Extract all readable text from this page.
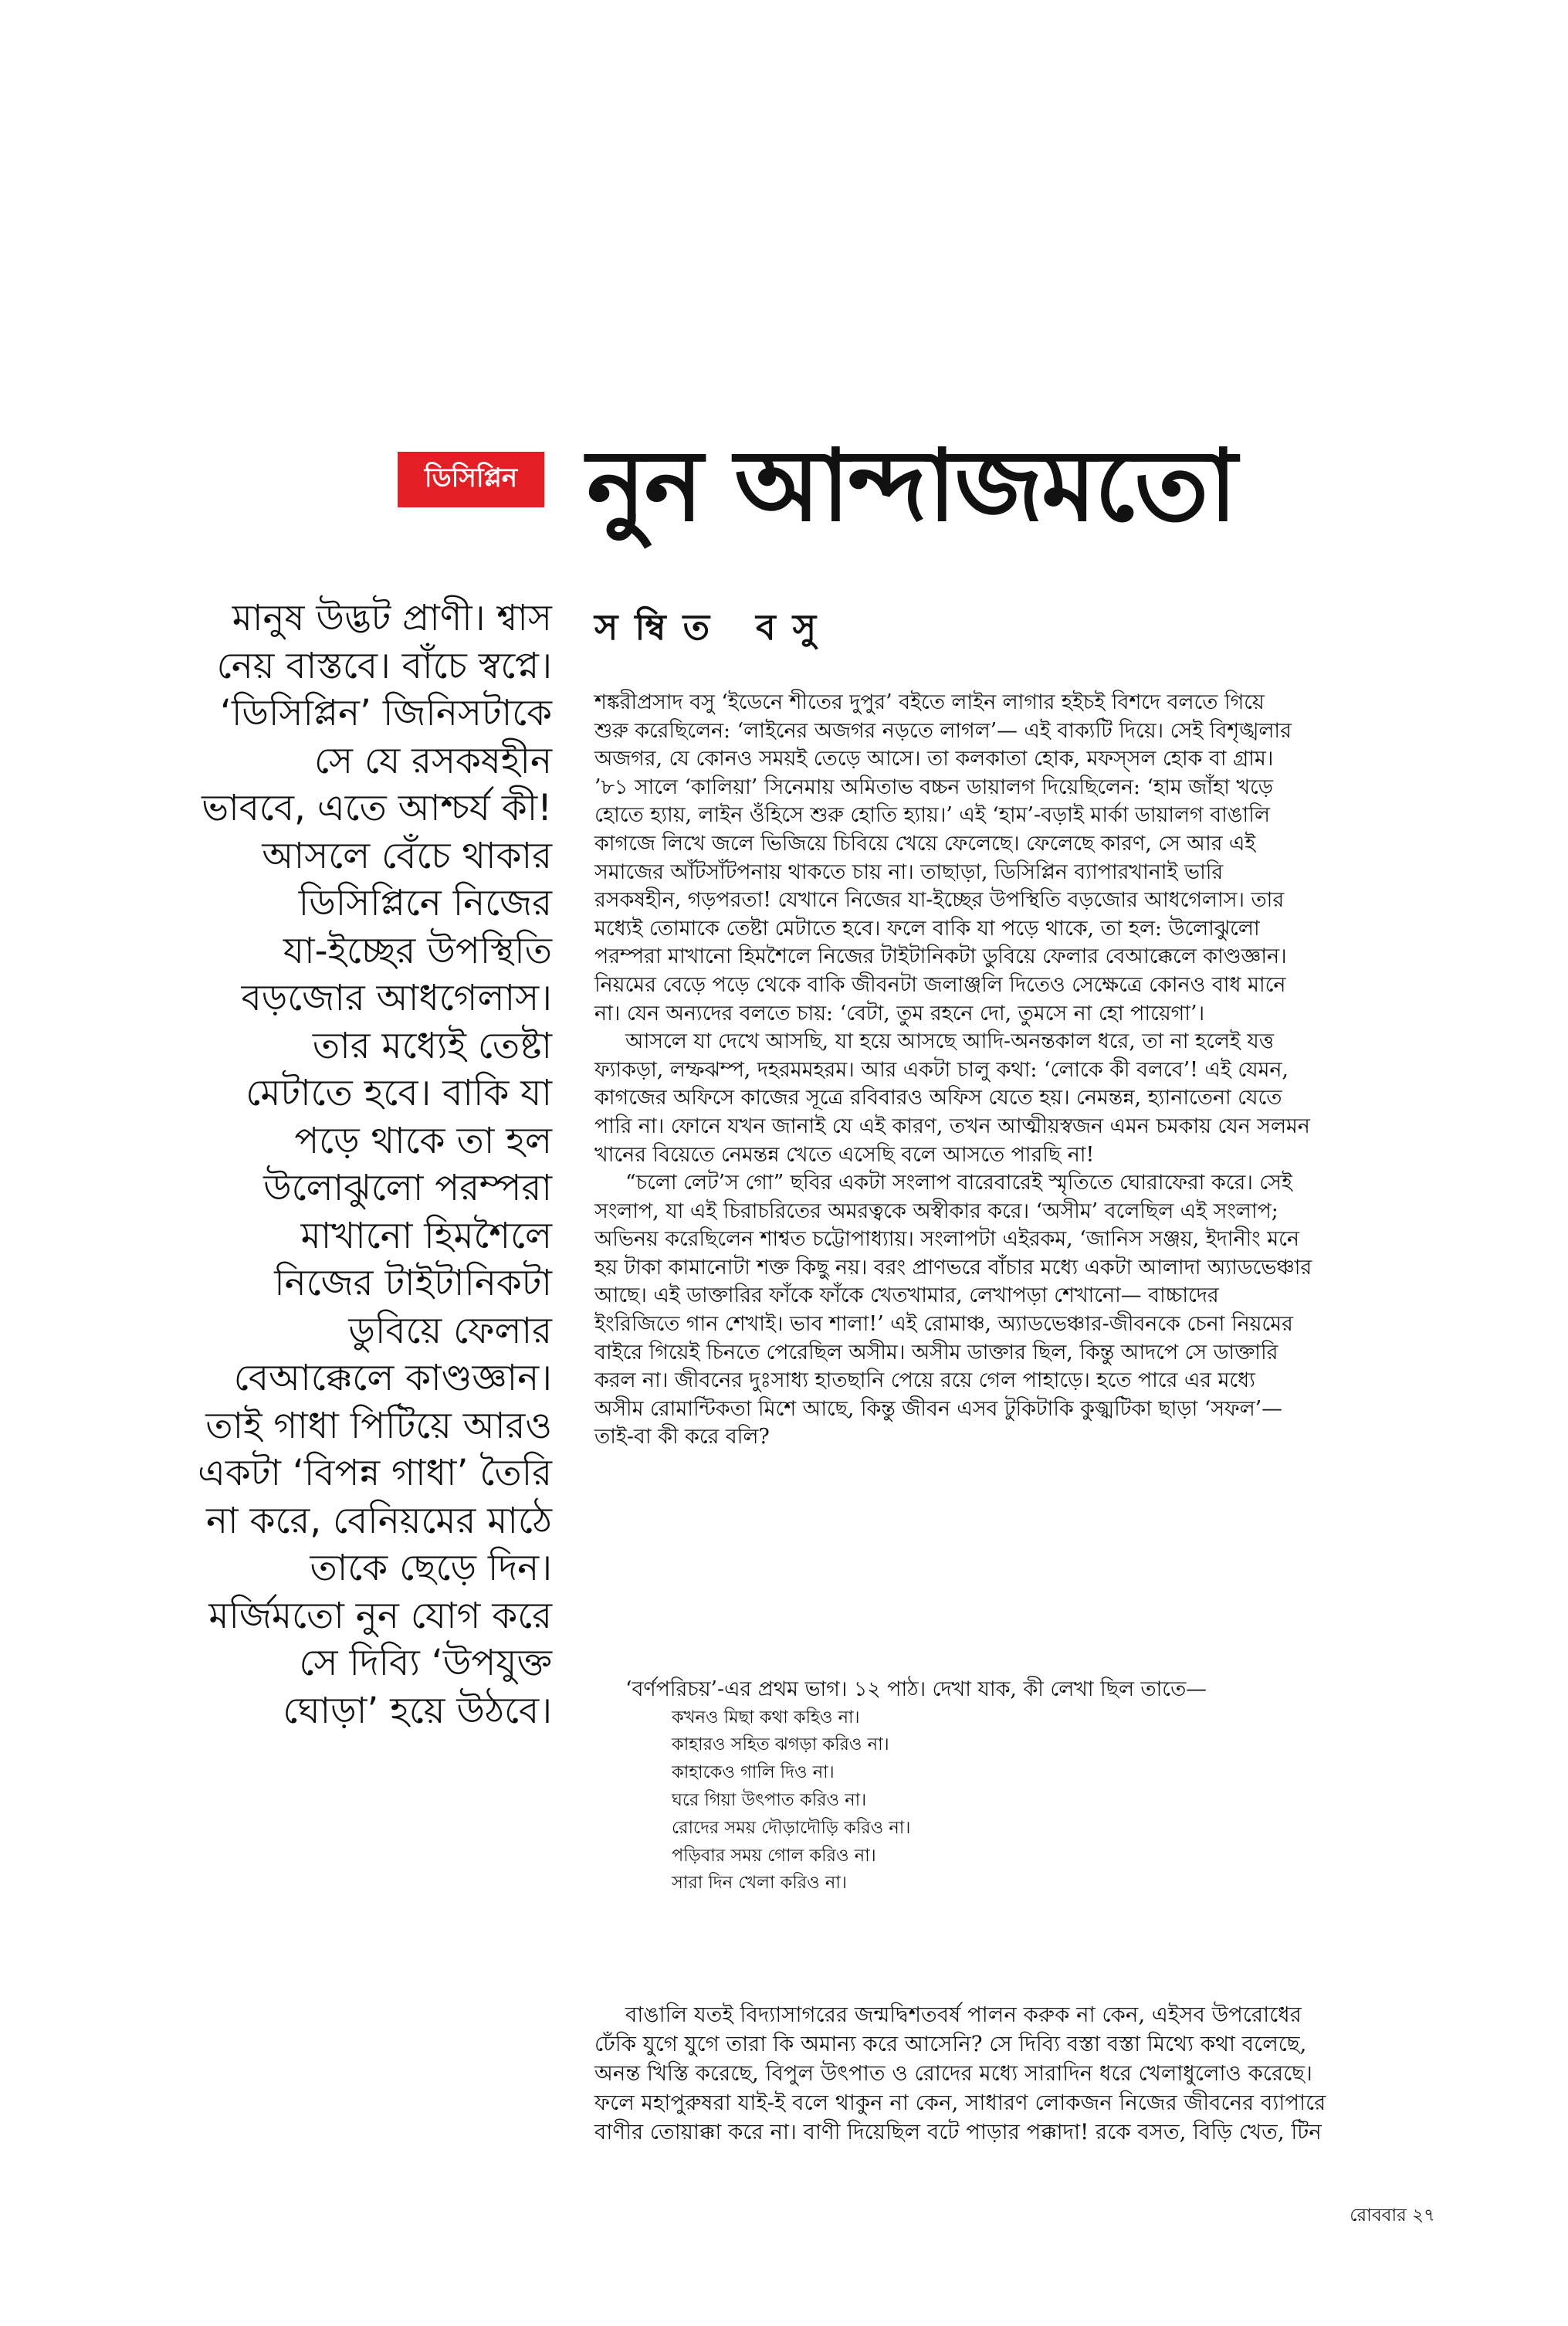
ডিসিপ্লিন নুন আন্দাজমতো
সম্বিত বসু
মানুষ উদ্ভট প্রাণী। শ্বাস
নেয় বাস্তবে। বাঁচে স্বপ্নে।
‘ডিসিপ্লিন’ জিনিসটাকে
সে যে রসকষহীন
ভাববে, এতে আশ্চর্য কী!
আসলে বেঁচে থাকার
ডিসিপ্লিনে নিজের
যা-ইচ্ছের উপস্থিতি
বড়জোর আধগেলাস।
তার মধ্যেই তেষ্টা
মেটাতে হবে। বাকি যা
পড়ে থাকে তা হল
উলোঝুলো পরম্পরা
মাখানো হিমশৈলে
নিজের টাইটানিকটা
ডুবিয়ে ফেলার
বেআক্কেলে কাণ্ডজ্ঞান।
তাই গাধা পিটিয়ে আরও
একটা ‘বিপন্ন গাধা’ তৈরি
না করে, বেনিয়মের মাঠে
তাকে ছেড়ে দিন।
মর্জিমতো নুন যোগ করে
সে দিব্যি ‘উপযুক্ত
ঘোড়া’ হয়ে উঠবে।
শঙ্করীপ্রসাদ বসু ‘ইডেনে শীতের দুপুর’ বইতে লাইন লাগার হইচই বিশদে বলতে গিয়ে
শুরু করেছিলেন: ‘লাইনের অজগর নড়তে লাগল’— এই বাক্যটি দিয়ে। সেই বিশৃঙ্খলার
অজগর, যে কোনও সময়ই তেড়ে আসে। তা কলকাতা হোক, মফস্সল হোক বা গ্রাম।
’৮১ সালে ‘কালিয়া’ সিনেমায় অমিতাভ বচ্চন ডায়ালগ দিয়েছিলেন: ‘হাম জাঁহা খড়ে
হোতে হ্যায়, লাইন ওঁহিসে শুরু হোতি হ্যায়।’ এই ‘হাম’-বড়াই মার্কা ডায়ালগ বাঙালি
কাগজে লিখে জলে ভিজিয়ে চিবিয়ে খেয়ে ফেলেছে। ফেলেছে কারণ, সে আর এই
সমাজের আঁটসাঁটপনায় থাকতে চায় না। তাছাড়া, ডিসিপ্লিন ব্যাপারখানাই ভারি
রসকষহীন, গড়পরতা! যেখানে নিজের যা-ইচ্ছের উপস্থিতি বড়জোর আধগেলাস। তার
মধ্যেই তোমাকে তেষ্টা মেটাতে হবে। ফলে বাকি যা পড়ে থাকে, তা হল: উলোঝুলো
পরম্পরা মাখানো হিমশৈলে নিজের টাইটানিকটা ডুবিয়ে ফেলার বেআক্কেলে কাণ্ডজ্ঞান।
নিয়মের বেড়ে পড়ে থেকে বাকি জীবনটা জলাঞ্জলি দিতেও সেক্ষেত্রে কোনও বাধ মানে
না। যেন অন্যদের বলতে চায়: ‘বেটা, তুম রহনে দো, তুমসে না হো পায়েগা’।
আসলে যা দেখে আসছি, যা হয়ে আসছে আদি-অনন্তকাল ধরে, তা না হলেই যত্ত
ফ্যাকড়া, লম্ফঝম্প, দহরমমহরম। আর একটা চালু কথা: ‘লোকে কী বলবে’! এই যেমন,
কাগজের অফিসে কাজের সূত্রে রবিবারও অফিস যেতে হয়। নেমন্তন্ন, হ্যানাতেনা যেতে
পারি না। ফোনে যখন জানাই যে এই কারণ, তখন আত্মীয়স্বজন এমন চমকায় যেন সলমন
খানের বিয়েতে নেমন্তন্ন খেতে এসেছি বলে আসতে পারছি না!
“চলো লেট’স গো” ছবির একটা সংলাপ বারেবারেই স্মৃতিতে ঘোরাফেরা করে। সেই
সংলাপ, যা এই চিরাচরিতের অমরত্বকে অস্বীকার করে। ‘অসীম’ বলেছিল এই সংলাপ;
অভিনয় করেছিলেন শাশ্বত চট্টোপাধ্যায়। সংলাপটা এইরকম, ‘জানিস সঞ্জয়, ইদানীং মনে
হয় টাকা কামানোটা শক্ত কিছু নয়। বরং প্রাণভরে বাঁচার মধ্যে একটা আলাদা অ্যাডভেঞ্চার
আছে। এই ডাক্তারির ফাঁকে ফাঁকে খেতখামার, লেখাপড়া শেখানো— বাচ্চাদের
ইংরিজিতে গান শেখাই। ভাব শালা!’ এই রোমাঞ্চ, অ্যাডভেঞ্চার-জীবনকে চেনা নিয়মের
বাইরে গিয়েই চিনতে পেরেছিল অসীম। অসীম ডাক্তার ছিল, কিন্তু আদপে সে ডাক্তারি
করল না। জীবনের দুঃসাধ্য হাতছানি পেয়ে রয়ে গেল পাহাড়ে। হতে পারে এর মধ্যে
অসীম রোমান্টিকতা মিশে আছে, কিন্তু জীবন এসব টুকিটাকি কুজ্ঝটিকা ছাড়া ‘সফল’—
তাই-বা কী করে বলি?
‘বর্ণপরিচয়’-এর প্রথম ভাগ। ১২ পাঠ। দেখা যাক, কী লেখা ছিল তাতে—
কখনও মিছা কথা কহিও না।
কাহারও সহিত ঝগড়া করিও না।
কাহাকেও গালি দিও না।
ঘরে গিয়া উৎপাত করিও না।
রোদের সময় দৌড়াদৌড়ি করিও না।
পড়িবার সময় গোল করিও না।
সারা দিন খেলা করিও না।
বাঙালি যতই বিদ্যাসাগরের জন্মদ্বিশতবর্ষ পালন করুক না কেন, এইসব উপরোধের
ঢেঁকি যুগে যুগে তারা কি অমান্য করে আসেনি? সে দিব্যি বস্তা বস্তা মিথ্যে কথা বলেছে,
অনন্ত খিস্তি করেছে, বিপুল উৎপাত ও রোদের মধ্যে সারাদিন ধরে খেলাধুলোও করেছে।
ফলে মহাপুরুষরা যাই-ই বলে থাকুন না কেন, সাধারণ লোকজন নিজের জীবনের ব্যাপারে
বাণীর তোয়াক্কা করে না। বাণী দিয়েছিল বটে পাড়ার পক্কাদা! রকে বসত, বিড়ি খেত, টিন
রোববার ২৭
